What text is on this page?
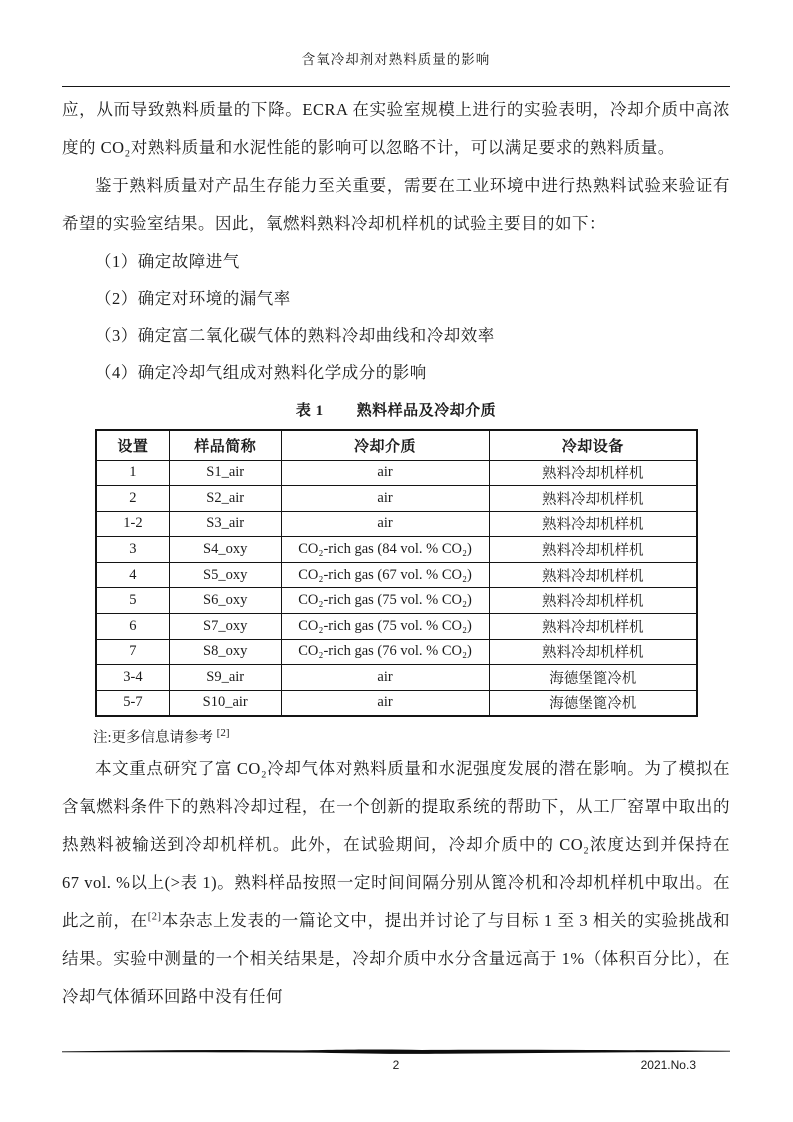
含氧冷却剂对熟料质量的影响

应，从而导致熟料质量的下降。ECRA 在实验室规模上进行的实验表明，冷却介质中高浓度的 CO₂对熟料质量和水泥性能的影响可以忽略不计，可以满足要求的熟料质量。

鉴于熟料质量对产品生存能力至关重要，需要在工业环境中进行热熟料试验来验证有希望的实验室结果。因此，氧燃料熟料冷却机样机的试验主要目的如下：

（1）确定故障进气
（2）确定对环境的漏气率
（3）确定富二氧化碳气体的熟料冷却曲线和冷却效率
（4）确定冷却气组成对熟料化学成分的影响
表 1 熟料样品及冷却介质
设置	样品简称	冷却介质	冷却设备
1	S1_air	air	熟料冷却机样机
2	S2_air	air	熟料冷却机样机
1-2	S3_air	air	熟料冷却机样机
3	S4_oxy	CO₂-rich gas (84 vol. % CO₂)	熟料冷却机样机
4	S5_oxy	CO₂-rich gas (67 vol. % CO₂)	熟料冷却机样机
5	S6_oxy	CO₂-rich gas (75 vol. % CO₂)	熟料冷却机样机
6	S7_oxy	CO₂-rich gas (75 vol. % CO₂)	熟料冷却机样机
7	S8_oxy	CO₂-rich gas (76 vol. % CO₂)	熟料冷却机样机
3-4	S9_air	air	海德堡篦冷机
5-7	S10_air	air	海德堡篦冷机
注:更多信息请参考 [2]

本文重点研究了富 CO₂冷却气体对熟料质量和水泥强度发展的潜在影响。为了模拟在含氧燃料条件下的熟料冷却过程，在一个创新的提取系统的帮助下，从工厂窑罩中取出的热熟料被输送到冷却机样机。此外，在试验期间，冷却介质中的 CO₂浓度达到并保持在 67 vol. %以上(>表 1)。熟料样品按照一定时间间隔分别从篦冷机和冷却机样机中取出。在此之前，在[2]本杂志上发表的一篇论文中，提出并讨论了与目标 1 至 3 相关的实验挑战和结果。实验中测量的一个相关结果是，冷却介质中水分含量远高于 1%（体积百分比），在冷却气体循环回路中没有任何

2	2021.No.3
